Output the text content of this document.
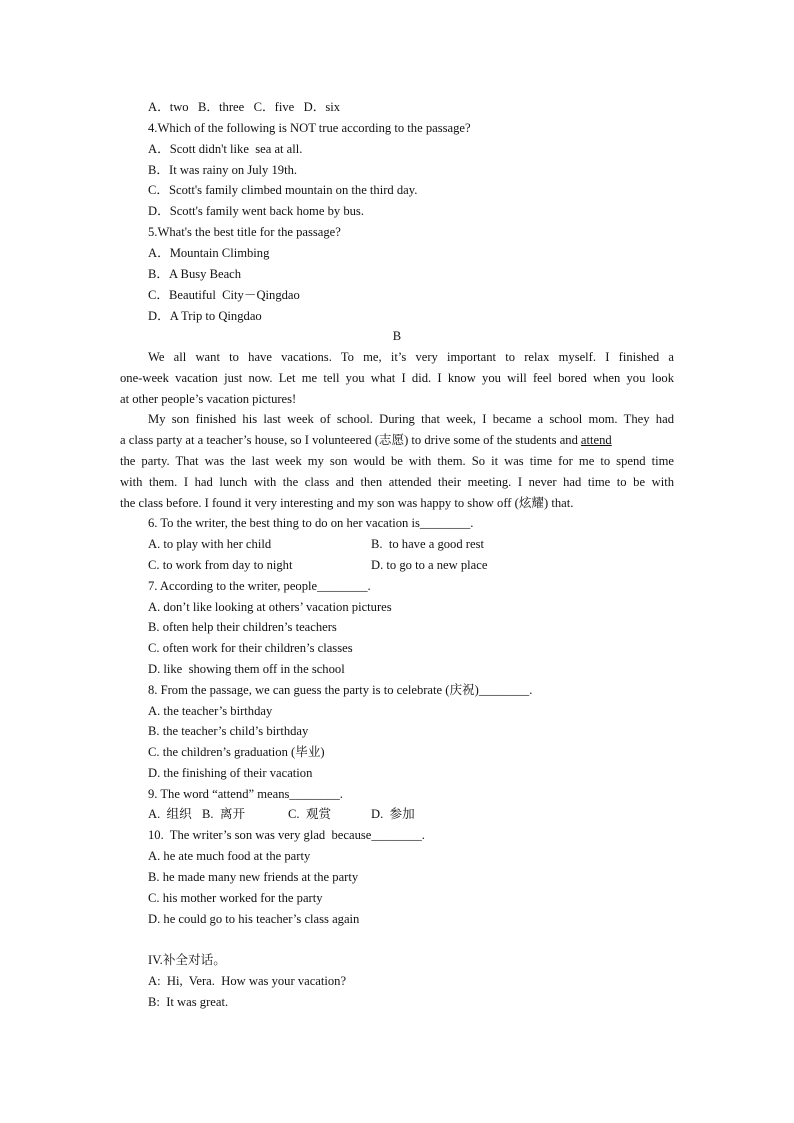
A．two   B．three   C．five   D．six
4.Which of the following is NOT true according to the passage?
A．Scott didn't like  sea at all.
B．It was rainy on July 19th.
C．Scott's family climbed mountain on the third day.
D．Scott's family went back home by bus.
5.What's the best title for the passage?
A．Mountain Climbing
B．A Busy Beach
C．Beautiful  City－Qingdao
D．A Trip to Qingdao
B
We all want to have vacations. To me, it’s very important to relax myself. I finished a
one-week vacation just now. Let me tell you what I did. I know you will feel bored when you look
at other people’s vacation pictures!
My son finished his last week of school. During that week, I became a school mom. They had
a class party at a teacher’s house, so I volunteered (志愿) to drive some of the students and attend
the party. That was the last week my son would be with them. So it was time for me to spend time
with them. I had lunch with the class and then attended their meeting. I never had time to be with
the class before. I found it very interesting and my son was happy to show off (炫耀) that.
6. To the writer, the best thing to do on her vacation is________.
A. to play with her child	B.  to have a good rest
C. to work from day to night	D. to go to a new place
7. According to the writer, people________.
A. don’t like looking at others’ vacation pictures
B. often help their children’s teachers
C. often work for their children’s classes
D. like  showing them off in the school
8. From the passage, we can guess the party is to celebrate (庆祝)________.
A. the teacher’s birthday
B. the teacher’s child’s birthday
C. the children’s graduation (毕业)
D. the finishing of their vacation
9. The word “attend” means________.
A.  组织 B.  离开	C.  观赏	D.  参加
10.  The writer’s son was very glad  because________.
A. he ate much food at the party
B. he made many new friends at the party
C. his mother worked for the party
D. he could go to his teacher’s class again
IV.补全对话。
A:  Hi,  Vera.  How was your vacation?
B:  It was great.
